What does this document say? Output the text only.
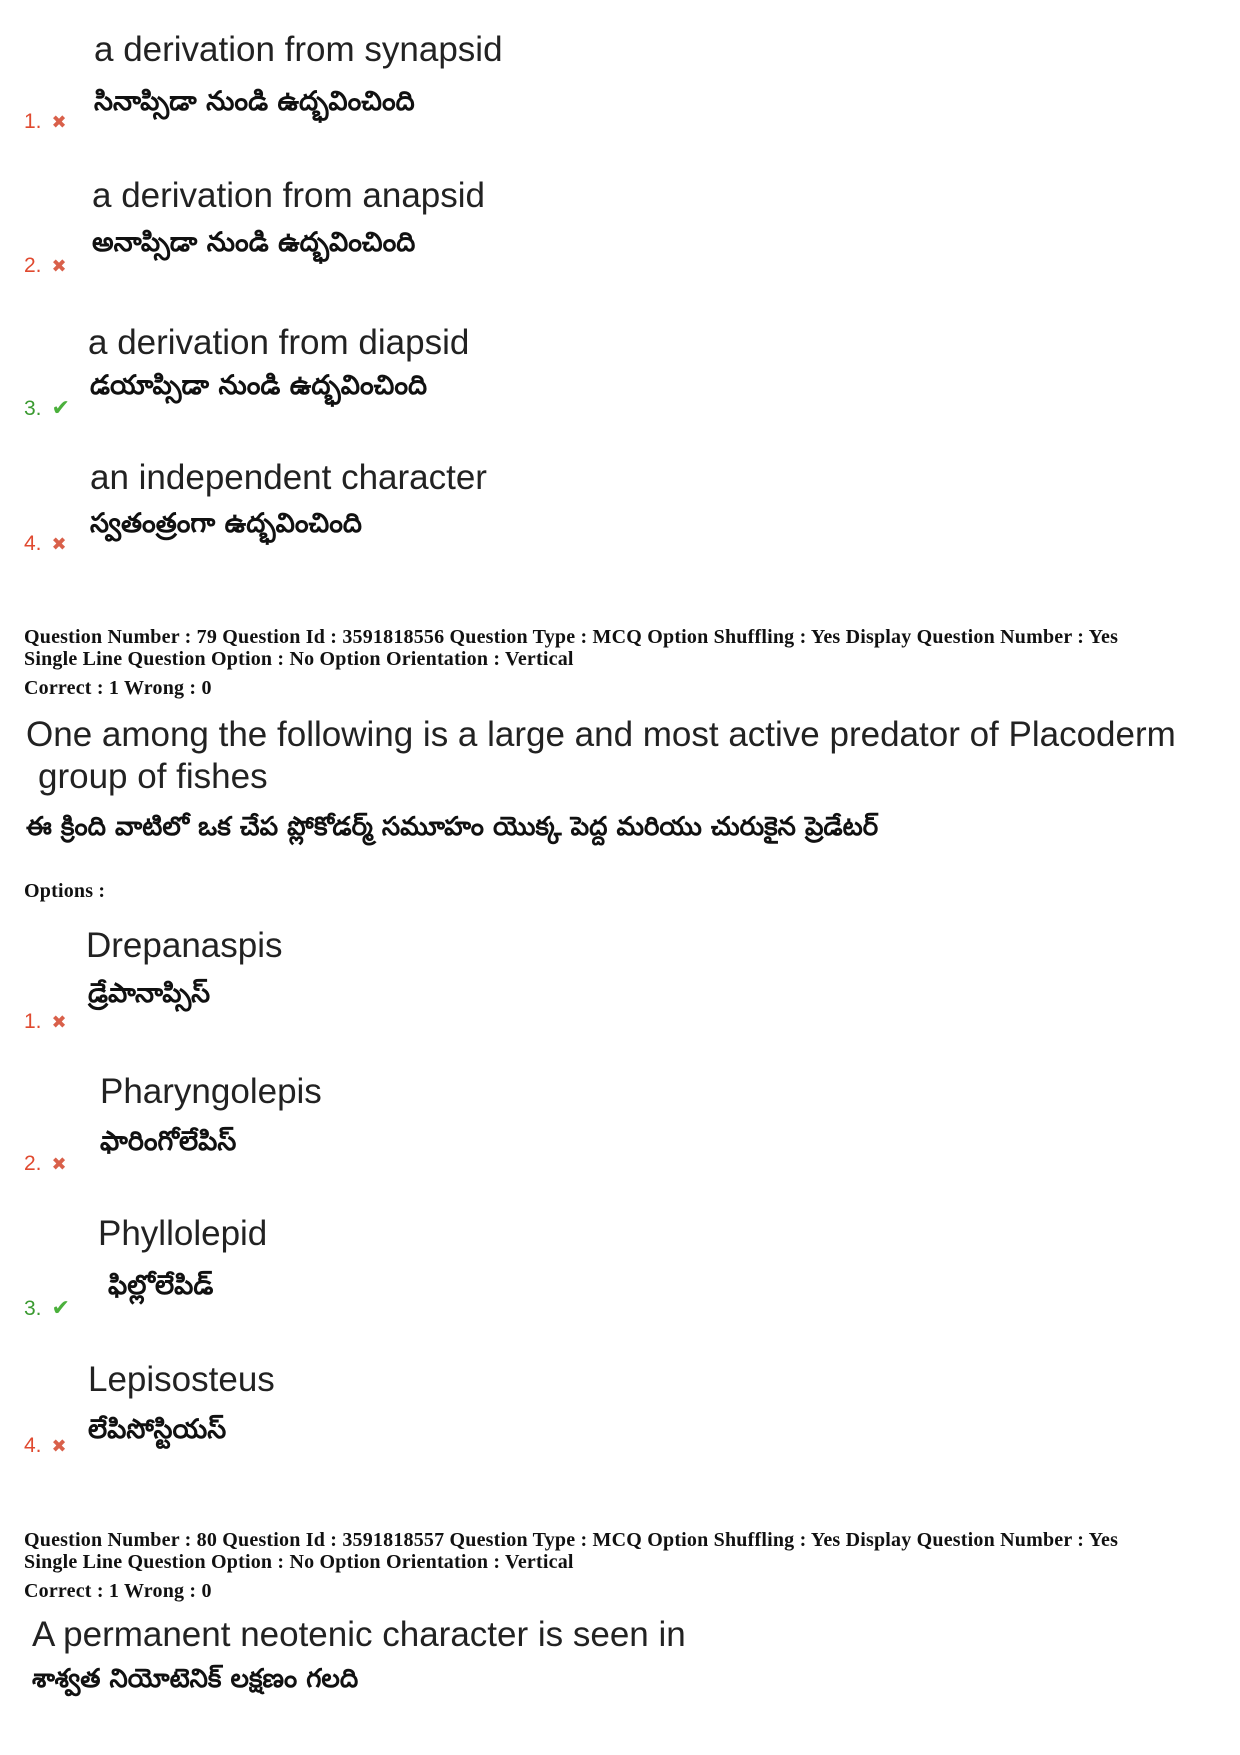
a derivation from synapsid
సినాప్సిడా నుండి ఉద్భవించింది
1. ✖
a derivation from anapsid
అనాప్సిడా నుండి ఉద్భవించింది
2. ✖
a derivation from diapsid
డయాప్సిడా నుండి ఉద్భవించింది
3. ✔
an independent character
స్వతంత్రంగా ఉద్భవించింది
4. ✖
Question Number : 79 Question Id : 3591818556 Question Type : MCQ Option Shuffling : Yes Display Question Number : Yes
Single Line Question Option : No Option Orientation : Vertical
Correct : 1 Wrong : 0
One among the following is a large and most active predator of Placoderm
group of fishes
ఈ క్రింది వాటిలో ఒక చేప ప్లోకోడర్మ్ సమూహం యొక్క పెద్ద మరియు చురుకైన ప్రెడేటర్
Options :
Drepanaspis
డ్రేపానాప్సిస్
1. ✖
Pharyngolepis
ఫారింగోలేపిస్
2. ✖
Phyllolepid
ఫిల్లోలేపిడ్
3. ✔
Lepisosteus
లేపిసోస్టియస్
4. ✖
Question Number : 80 Question Id : 3591818557 Question Type : MCQ Option Shuffling : Yes Display Question Number : Yes
Single Line Question Option : No Option Orientation : Vertical
Correct : 1 Wrong : 0
A permanent neotenic character is seen in
శాశ్వత నియోటెనిక్ లక్షణం గలది
